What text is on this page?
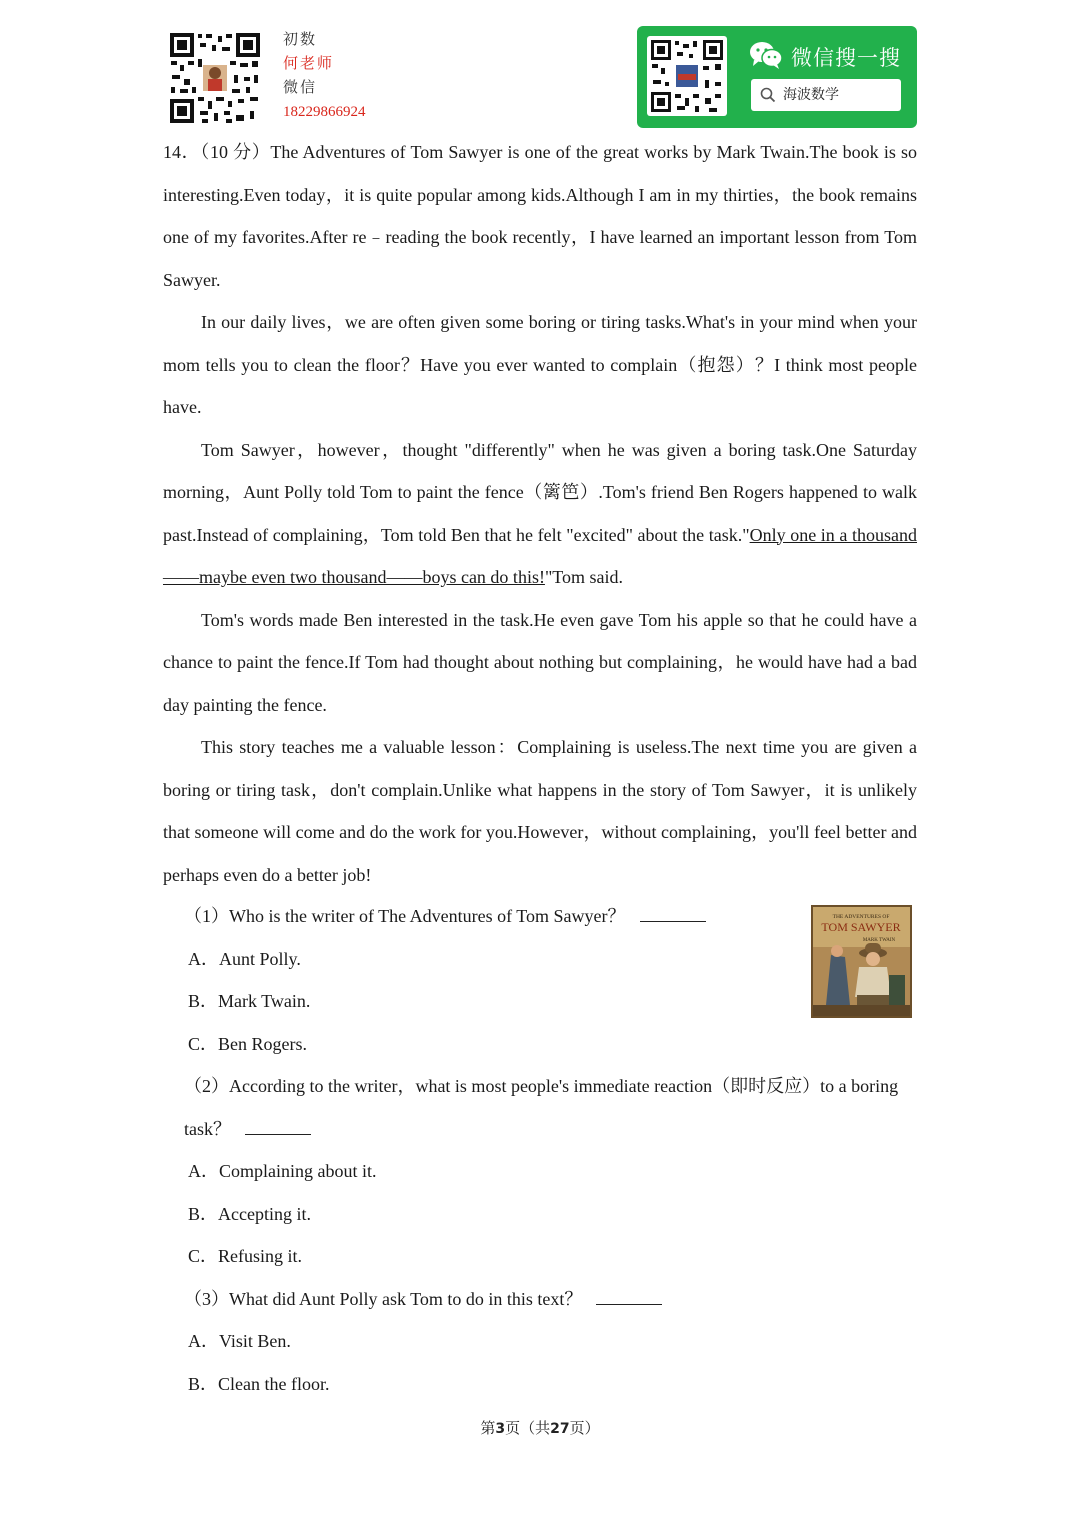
初数
何老师
微信
18229866924
微信搜一搜
海波数学

14．（10 分）The Adventures of Tom Sawyer is one of the great works by Mark Twain.The book is so interesting.Even today，it is quite popular among kids.Although I am in my thirties，the book remains one of my favorites.After re﹣reading the book recently，I have learned an important lesson from Tom Sawyer.

In our daily lives，we are often given some boring or tiring tasks.What's in your mind when your mom tells you to clean the floor？Have you ever wanted to complain（抱怨）？I think most people have.

Tom Sawyer，however，thought "differently" when he was given a boring task.One Saturday morning，Aunt Polly told Tom to paint the fence（篱笆）.Tom's friend Ben Rogers happened to walk past.Instead of complaining，Tom told Ben that he felt "excited" about the task."Only one in a thousand——maybe even two thousand——boys can do this!"Tom said.

Tom's words made Ben interested in the task.He even gave Tom his apple so that he could have a chance to paint the fence.If Tom had thought about nothing but complaining，he would have had a bad day painting the fence.

This story teaches me a valuable lesson：Complaining is useless.The next time you are given a boring or tiring task，don't complain.Unlike what happens in the story of Tom Sawyer，it is unlikely that someone will come and do the work for you.However，without complaining，you'll feel better and perhaps even do a better job!

（1）Who is the writer of The Adventures of Tom Sawyer？

A．Aunt Polly.

B．Mark Twain.

C．Ben Rogers.

（2）According to the writer，what is most people's immediate reaction（即时反应）to a boring task？

A．Complaining about it.

B．Accepting it.

C．Refusing it.

（3）What did Aunt Polly ask Tom to do in this text？

A．Visit Ben.

B．Clean the floor.

THE ADVENTURES OF
TOM SAWYER
MARK TWAIN
第3页（共27页）
